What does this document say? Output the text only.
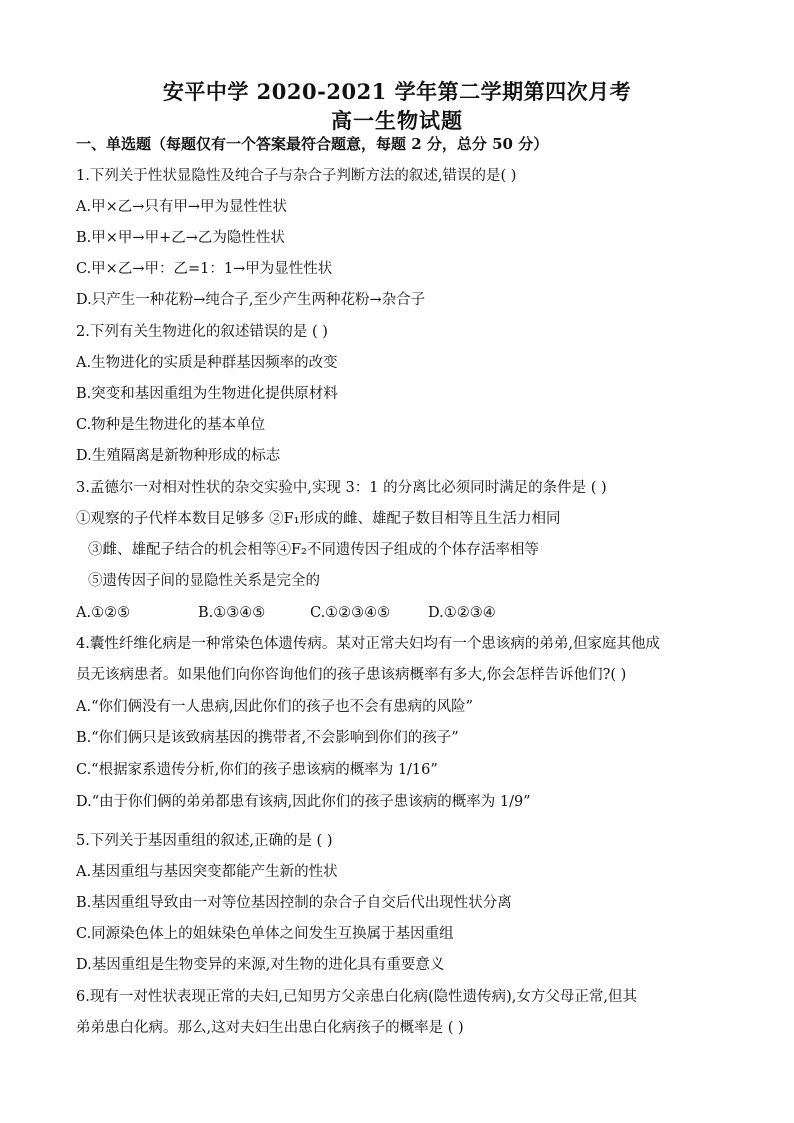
安平中学 2020-2021 学年第二学期第四次月考
高一生物试题
一、单选题（每题仅有一个答案最符合题意，每题 2 分，总分 50 分）
1.下列关于性状显隐性及纯合子与杂合子判断方法的叙述,错误的是( )
A.甲×乙→只有甲→甲为显性性状
B.甲×甲→甲+乙→乙为隐性性状
C.甲×乙→甲：乙=1：1→甲为显性性状
D.只产生一种花粉→纯合子,至少产生两种花粉→杂合子
2.下列有关生物进化的叙述错误的是 ( )
A.生物进化的实质是种群基因频率的改变
B.突变和基因重组为生物进化提供原材料
C.物种是生物进化的基本单位
D.生殖隔离是新物种形成的标志
3.孟德尔一对相对性状的杂交实验中,实现 3：1 的分离比必须同时满足的条件是 ( )
①观察的子代样本数目足够多 ②F₁形成的雌、雄配子数目相等且生活力相同
③雌、雄配子结合的机会相等④F₂不同遗传因子组成的个体存活率相等
⑤遗传因子间的显隐性关系是完全的
A.①②⑤	B.①③④⑤	C.①②③④⑤	D.①②③④
4.囊性纤维化病是一种常染色体遗传病。某对正常夫妇均有一个患该病的弟弟,但家庭其他成
员无该病患者。如果他们向你咨询他们的孩子患该病概率有多大,你会怎样告诉他们?( )
A.“你们俩没有一人患病,因此你们的孩子也不会有患病的风险”
B.“你们俩只是该致病基因的携带者,不会影响到你们的孩子”
C.“根据家系遗传分析,你们的孩子患该病的概率为 1/16”
D.“由于你们俩的弟弟都患有该病,因此你们的孩子患该病的概率为 1/9”
5.下列关于基因重组的叙述,正确的是 ( )
A.基因重组与基因突变都能产生新的性状
B.基因重组导致由一对等位基因控制的杂合子自交后代出现性状分离
C.同源染色体上的姐妹染色单体之间发生互换属于基因重组
D.基因重组是生物变异的来源,对生物的进化具有重要意义
6.现有一对性状表现正常的夫妇,已知男方父亲患白化病(隐性遗传病),女方父母正常,但其
弟弟患白化病。那么,这对夫妇生出患白化病孩子的概率是 ( )
